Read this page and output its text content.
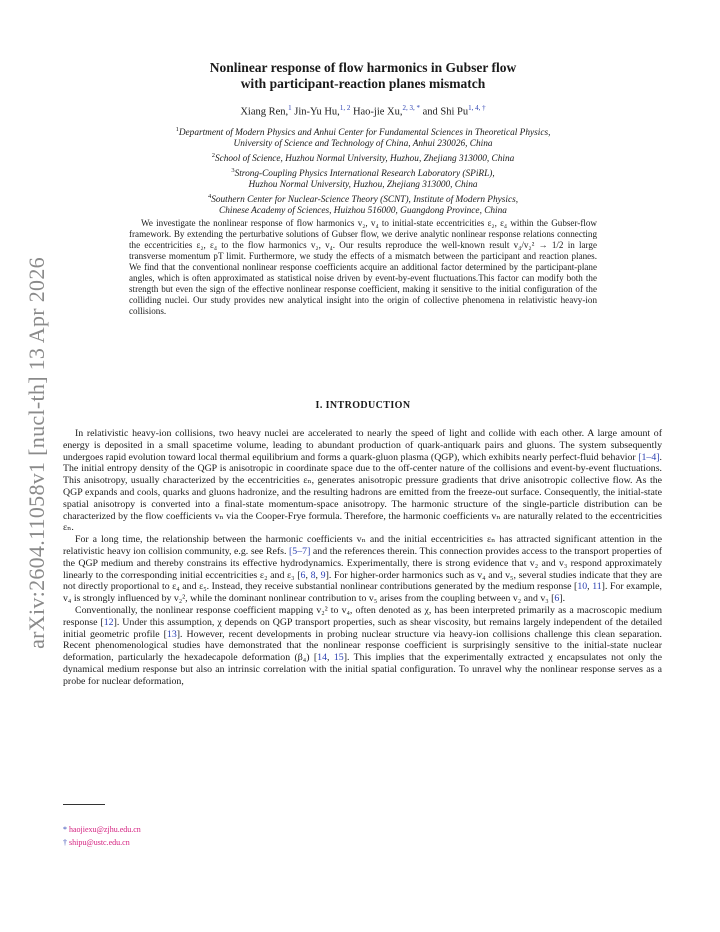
arXiv:2604.11058v1 [nucl-th] 13 Apr 2026
Nonlinear response of flow harmonics in Gubser flow
with participant-reaction planes mismatch
Xiang Ren,$^1$ Jin-Yu Hu,$^{1, 2}$ Hao-jie Xu,$^{2, 3, *}$ and Shi $Pu^{1, 4, \dagger}$
$^1$Department of Modern Physics and Anhui Center for Fundamental Sciences in Theoretical Physics,
University of Science and Technology of China, Anhui 230026, China
$^2$School of Science, Huzhou Normal University, Huzhou, Zhejiang 313000, China
$^3$Strong-Coupling Physics International Research Laboratory (SPiRL),
Huzhou Normal University, Huzhou, Zhejiang 313000, China
$^4$Southern Center for Nuclear-Science Theory (SCNT), Institute of Modern Physics,
Chinese Academy of Sciences, Huizhou 516000, Guangdong Province, China

We investigate the nonlinear response of flow harmonics v₂, v₄ to initial-state eccentricities ε₂, ε₄ within the Gubser-flow framework. By extending the perturbative solutions of Gubser flow, we derive analytic nonlinear response relations connecting the eccentricities ε₂, ε₄ to the flow harmonics v₂, v₄. Our results reproduce the well-known result v₄/v₂² → 1/2 in large transverse momentum pT limit. Furthermore, we study the effects of a mismatch between the participant and reaction planes. We find that the conventional nonlinear response coefficients acquire an additional factor determined by the participant-plane angles, which is often approximated as statistical noise driven by event-by-event fluctuations.This factor can modify both the strength but even the sign of the effective nonlinear response coefficient, making it sensitive to the initial configuration of the colliding nuclei. Our study provides new analytical insight into the origin of collective phenomena in relativistic heavy-ion collisions.

I. INTRODUCTION

In relativistic heavy-ion collisions, two heavy nuclei are accelerated to nearly the speed of light and collide with each other. A large amount of energy is deposited in a small spacetime volume, leading to abundant production of quark-antiquark pairs and gluons. The system subsequently undergoes rapid evolution toward local thermal equilibrium and forms a quark-gluon plasma (QGP), which exhibits nearly perfect-fluid behavior [1–4]. The initial entropy density of the QGP is anisotropic in coordinate space due to the off-center nature of the collisions and event-by-event fluctuations. This anisotropy, usually characterized by the eccentricities εₙ, generates anisotropic pressure gradients that drive anisotropic collective flow. As the QGP expands and cools, quarks and gluons hadronize, and the resulting hadrons are emitted from the freeze-out surface. Consequently, the initial-state spatial anisotropy is converted into a final-state momentum-space anisotropy. The harmonic structure of the single-particle distribution can be characterized by the flow coefficients vₙ via the Cooper-Frye formula. Therefore, the harmonic coefficients vₙ are naturally related to the eccentricities εₙ.

For a long time, the relationship between the harmonic coefficients vₙ and the initial eccentricities εₙ has attracted significant attention in the relativistic heavy ion collision community, e.g. see Refs. [5–7] and the references therein. This connection provides access to the transport properties of the QGP medium and thereby constrains its effective hydrodynamics. Experimentally, there is strong evidence that v₂ and v₃ respond approximately linearly to the corresponding initial eccentricities ε₂ and ε₃ [6, 8, 9]. For higher-order harmonics such as v₄ and v₅, several studies indicate that they are not directly proportional to ε₄ and ε₅. Instead, they receive substantial nonlinear contributions generated by the medium response [10, 11]. For example, v₄ is strongly influenced by v₂², while the dominant nonlinear contribution to v₅ arises from the coupling between v₂ and v₃ [6].

Conventionally, the nonlinear response coefficient mapping v₂² to v₄, often denoted as χ, has been interpreted primarily as a macroscopic medium response [12]. Under this assumption, χ depends on QGP transport properties, such as shear viscosity, but remains largely independent of the detailed initial geometric profile [13]. However, recent developments in probing nuclear structure via heavy-ion collisions challenge this clean separation. Recent phenomenological studies have demonstrated that the nonlinear response coefficient is surprisingly sensitive to the initial-state nuclear deformation, particularly the hexadecapole deformation (β₄) [14, 15]. This implies that the experimentally extracted χ encapsulates not only the dynamical medium response but also an intrinsic correlation with the initial spatial configuration. To unravel why the nonlinear response serves as a probe for nuclear deformation,

* haojiexu@zjhu.edu.cn
† shipu@ustc.edu.cn
